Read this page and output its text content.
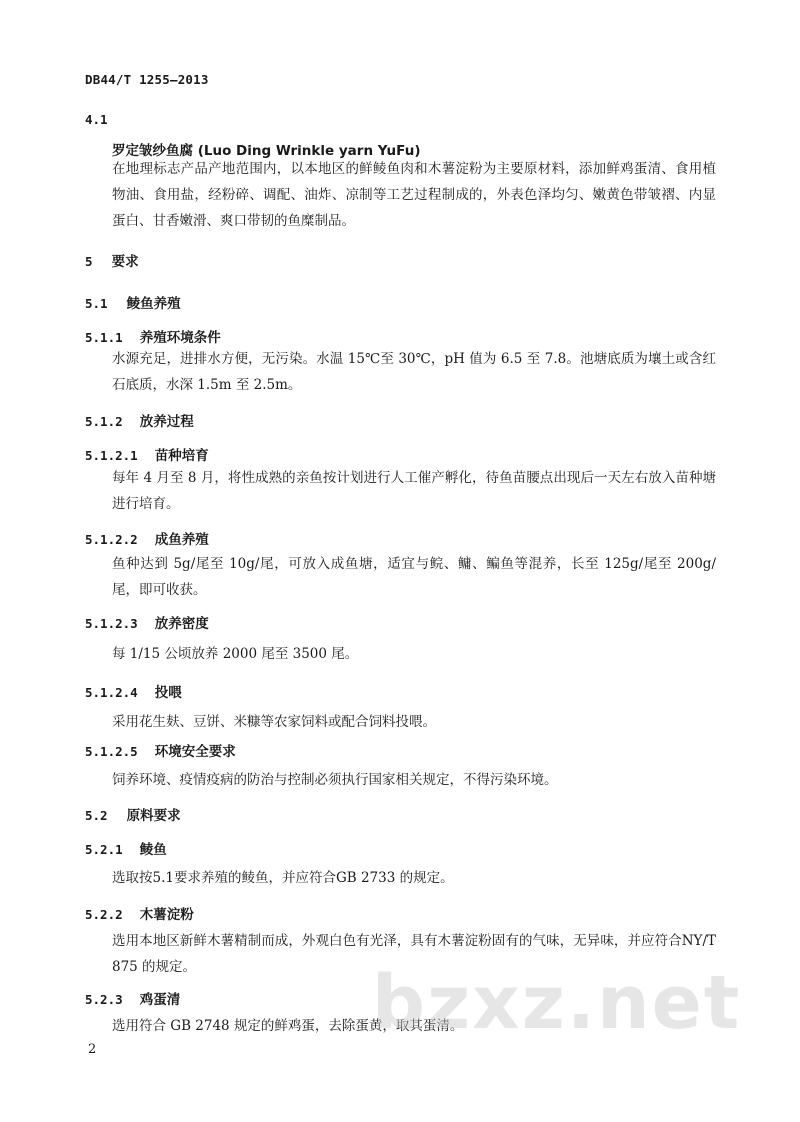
DB44/T 1255—2013
4.1
罗定皱纱鱼腐 (Luo Ding Wrinkle yarn YuFu)
在地理标志产品产地范围内，以本地区的鲜鲮鱼肉和木薯淀粉为主要原材料，添加鲜鸡蛋清、食用植物油、食用盐，经粉碎、调配、油炸、凉制等工艺过程制成的，外表色泽均匀、嫩黄色带皱褶、内显蛋白、甘香嫩滑、爽口带韧的鱼糜制品。
5 要求
5.1 鲮鱼养殖
5.1.1 养殖环境条件
水源充足，进排水方便，无污染。水温 15℃至 30℃，pH 值为 6.5 至 7.8。池塘底质为壤土或含红石底质，水深 1.5m 至 2.5m。
5.1.2 放养过程
5.1.2.1 苗种培育
每年 4 月至 8 月，将性成熟的亲鱼按计划进行人工催产孵化，待鱼苗腰点出现后一天左右放入苗种塘进行培育。
5.1.2.2 成鱼养殖
鱼种达到 5g/尾至 10g/尾，可放入成鱼塘，适宜与鲩、鳙、鳊鱼等混养，长至 125g/尾至 200g/尾，即可收获。
5.1.2.3 放养密度
每 1/15 公顷放养 2000 尾至 3500 尾。
5.1.2.4 投喂
采用花生麸、豆饼、米糠等农家饲料或配合饲料投喂。
5.1.2.5 环境安全要求
饲养环境、疫情疫病的防治与控制必须执行国家相关规定，不得污染环境。
5.2 原料要求
5.2.1 鲮鱼
选取按5.1要求养殖的鲮鱼，并应符合GB 2733 的规定。
5.2.2 木薯淀粉
选用本地区新鲜木薯精制而成，外观白色有光泽，具有木薯淀粉固有的气味，无异味，并应符合NY/T 875 的规定。
5.2.3 鸡蛋清
选用符合 GB 2748 规定的鲜鸡蛋，去除蛋黄，取其蛋清。
bzxz.net
2
